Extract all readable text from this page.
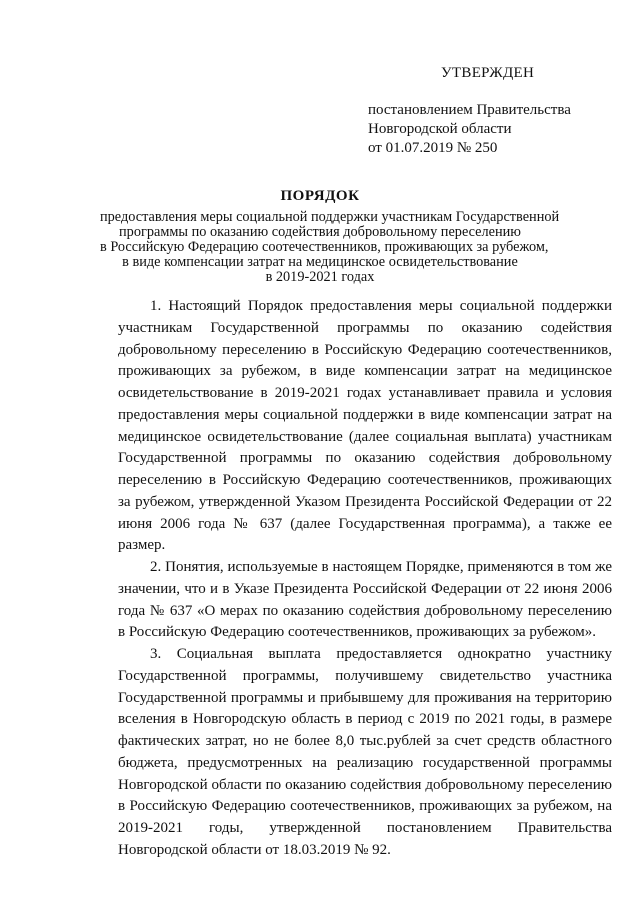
УТВЕРЖДЕН
постановлением Правительства
Новгородской области
от 01.07.2019 № 250
ПОРЯДОК
предоставления меры социальной поддержки участникам Государственной
программы по оказанию содействия добровольному переселению
в Российскую Федерацию соотечественников, проживающих за рубежом,
в виде компенсации затрат на медицинское освидетельствование
в 2019-2021 годах

1. Настоящий Порядок предоставления меры социальной поддержки участникам Государственной программы по оказанию содействия добровольному переселению в Российскую Федерацию соотечественников, проживающих за рубежом, в виде компенсации затрат на медицинское освидетельствование в 2019-2021 годах устанавливает правила и условия предоставления меры социальной поддержки в виде компенсации затрат на медицинское освидетельствование (далее социальная выплата) участникам Государственной программы по оказанию содействия добровольному переселению в Российскую Федерацию соотечественников, проживающих за рубежом, утвержденной Указом Президента Российской Федерации от 22 июня 2006 года № 637 (далее Государственная программа), а также ее размер.

2. Понятия, используемые в настоящем Порядке, применяются в том же значении, что и в Указе Президента Российской Федерации от 22 июня 2006 года № 637 «О мерах по оказанию содействия добровольному переселению в Российскую Федерацию соотечественников, проживающих за рубежом».

3. Социальная выплата предоставляется однократно участнику Государственной программы, получившему свидетельство участника Государственной программы и прибывшему для проживания на территорию вселения в Новгородскую область в период с 2019 по 2021 годы, в размере фактических затрат, но не более 8,0 тыс.рублей за счет средств областного бюджета, предусмотренных на реализацию государственной программы Новгородской области по оказанию содействия добровольному переселению в Российскую Федерацию соотечественников, проживающих за рубежом, на 2019-2021 годы, утвержденной постановлением Правительства Новгородской области от 18.03.2019 № 92.
